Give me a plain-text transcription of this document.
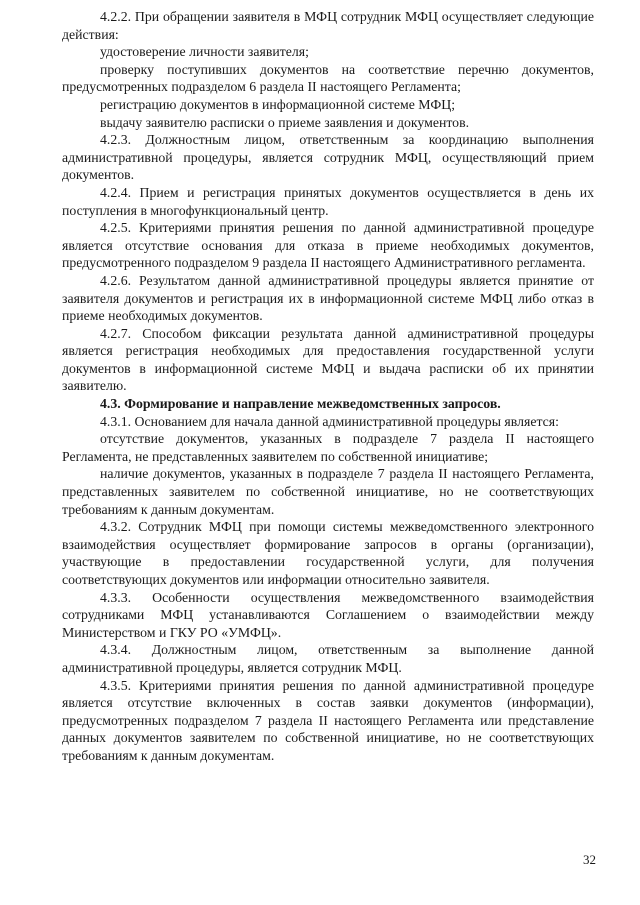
4.2.2. При обращении заявителя в МФЦ сотрудник МФЦ осуществляет следующие действия:

удостоверение личности заявителя;

проверку поступивших документов на соответствие перечню документов, предусмотренных подразделом 6 раздела II настоящего Регламента;

регистрацию документов в информационной системе МФЦ;

выдачу заявителю расписки о приеме заявления и документов.

4.2.3. Должностным лицом, ответственным за координацию выполнения административной процедуры, является сотрудник МФЦ, осуществляющий прием документов.

4.2.4. Прием и регистрация принятых документов осуществляется в день их поступления в многофункциональный центр.

4.2.5. Критериями принятия решения по данной административной процедуре является отсутствие основания для отказа в приеме необходимых документов, предусмотренного подразделом 9 раздела II настоящего Административного регламента.

4.2.6. Результатом данной административной процедуры является принятие от заявителя документов и регистрация их в информационной системе МФЦ либо отказ в приеме необходимых документов.

4.2.7. Способом фиксации результата данной административной процедуры является регистрация необходимых для предоставления государственной услуги документов в информационной системе МФЦ и выдача расписки об их принятии заявителю.

4.3. Формирование и направление межведомственных запросов.

4.3.1. Основанием для начала данной административной процедуры является:

отсутствие документов, указанных в подразделе 7 раздела II настоящего Регламента, не представленных заявителем по собственной инициативе;

наличие документов, указанных в подразделе 7 раздела II настоящего Регламента, представленных заявителем по собственной инициативе, но не соответствующих требованиям к данным документам.

4.3.2. Сотрудник МФЦ при помощи системы межведомственного электронного взаимодействия осуществляет формирование запросов в органы (организации), участвующие в предоставлении государственной услуги, для получения соответствующих документов или информации относительно заявителя.

4.3.3. Особенности осуществления межведомственного взаимодействия сотрудниками МФЦ устанавливаются Соглашением о взаимодействии между Министерством и ГКУ РО «УМФЦ».

4.3.4. Должностным лицом, ответственным за выполнение данной административной процедуры, является сотрудник МФЦ.

4.3.5. Критериями принятия решения по данной административной процедуре является отсутствие включенных в состав заявки документов (информации), предусмотренных подразделом 7 раздела II настоящего Регламента или представление данных документов заявителем по собственной инициативе, но не соответствующих требованиям к данным документам.

32
